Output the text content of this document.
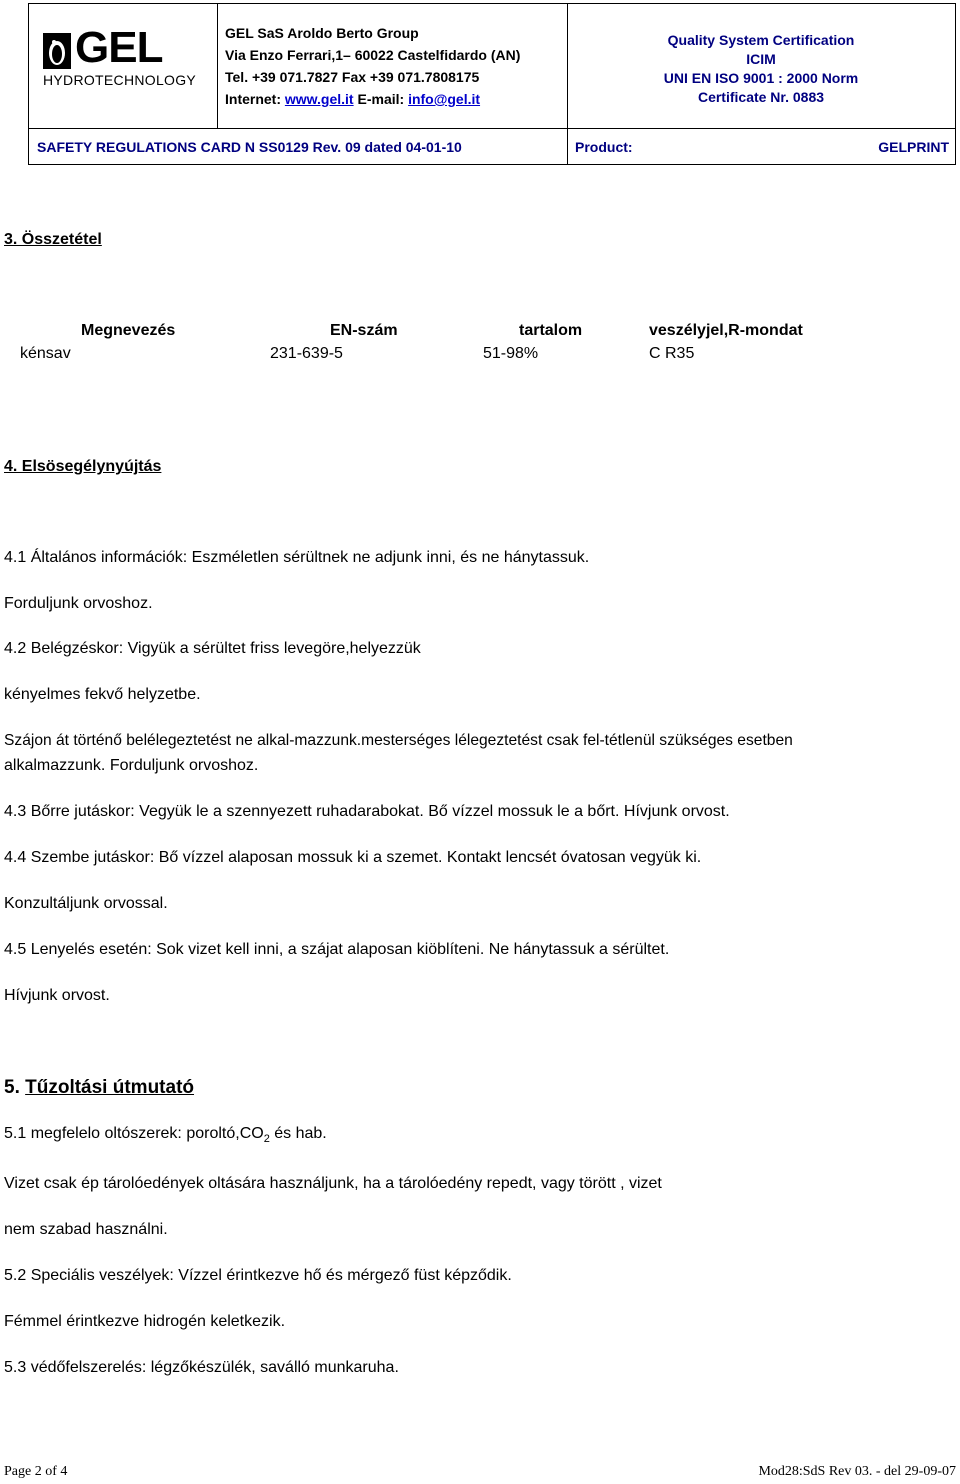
GEL
HYDROTECHNOLOGY
GEL SaS Aroldo Berto Group
Via Enzo Ferrari,1– 60022 Castelfidardo (AN)
Tel. +39 071.7827 Fax +39 071.7808175
Internet: www.gel.it E-mail: info@gel.it
Quality System Certification
ICIM
UNI EN ISO 9001 : 2000 Norm
Certificate Nr. 0883
SAFETY REGULATIONS CARD N SS0129 Rev. 09 dated 04-01-10	Product:	GELPRINT
3. Összetétel
Megnevezés	EN-szám	tartalom	veszélyjel,R-mondat
kénsav	231-639-5	51-98%	C R35
4. Elsösegélynyújtás
4.1 Általános információk: Eszméletlen sérültnek ne adjunk inni, és ne hánytassuk.
Forduljunk orvoshoz.
4.2 Belégzéskor: Vigyük a sérültet friss levegöre,helyezzük
kényelmes fekvő helyzetbe.
Szájon át történő belélegeztetést ne alkal-mazzunk.mesterséges lélegeztetést csak fel-tétlenül szükséges esetben
alkalmazzunk. Forduljunk orvoshoz.
4.3 Bőrre jutáskor: Vegyük le a szennyezett ruhadarabokat. Bő vízzel mossuk le a bőrt. Hívjunk orvost.
4.4 Szembe jutáskor: Bő vízzel alaposan mossuk ki a szemet. Kontakt lencsét óvatosan vegyük ki.
Konzultáljunk orvossal.
4.5 Lenyelés esetén: Sok vizet kell inni, a szájat alaposan kiöblíteni. Ne hánytassuk a sérültet.
Hívjunk orvost.
5. Tűzoltási útmutató
5.1 megfelelo oltószerek: $poroltó,CO_2$ és hab.
Vizet csak ép tárolóedények oltására használjunk, ha a tárolóedény repedt, vagy törött , vizet
nem szabad használni.
5.2 Speciális veszélyek: Vízzel érintkezve hő és mérgező füst képződik.
Fémmel érintkezve hidrogén keletkezik.
5.3 védőfelszerelés: légzőkészülék, saválló munkaruha.
Page 2 of 4	Mod28:SdS Rev 03. - del 29-09-07
